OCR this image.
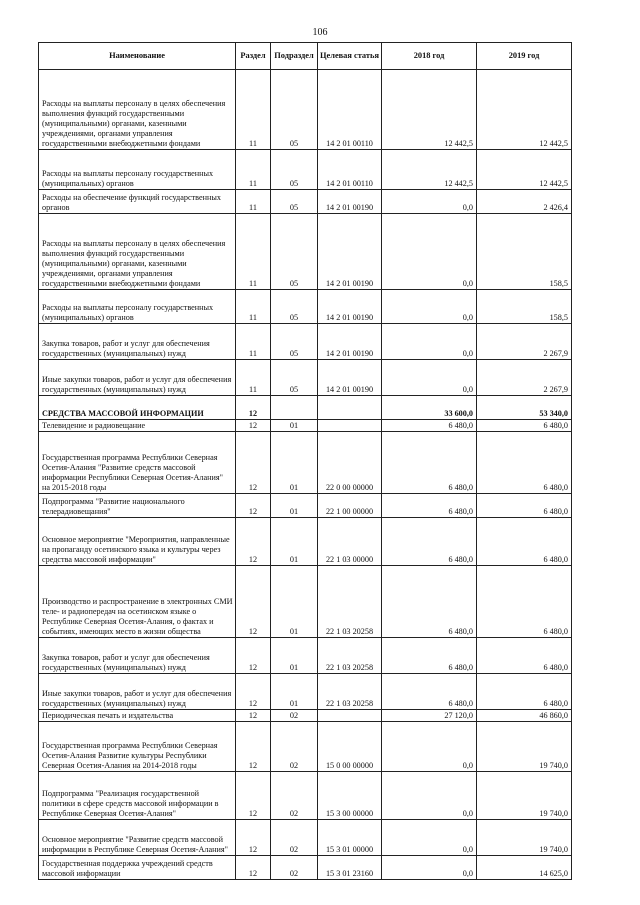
106
Наименование	Раздел	Подраздел	Целевая статья	2018 год	2019 год
Расходы на выплаты персоналу в целях обеспечения выполнения функций государственными (муниципальными) органами, казенными учреждениями, органами управления государственными внебюджетными фондами	11	05	14 2 01 00110	12 442,5	12 442,5
Расходы на выплаты персоналу государственных (муниципальных) органов	11	05	14 2 01 00110	12 442,5	12 442,5
Расходы на обеспечение функций государственных органов	11	05	14 2 01 00190	0,0	2 426,4
Расходы на выплаты персоналу в целях обеспечения выполнения функций государственными (муниципальными) органами, казенными учреждениями, органами управления государственными внебюджетными фондами	11	05	14 2 01 00190	0,0	158,5
Расходы на выплаты персоналу государственных (муниципальных) органов	11	05	14 2 01 00190	0,0	158,5
Закупка товаров, работ и услуг для обеспечения государственных (муниципальных) нужд	11	05	14 2 01 00190	0,0	2 267,9
Иные закупки товаров, работ и услуг для обеспечения государственных (муниципальных) нужд	11	05	14 2 01 00190	0,0	2 267,9
СРЕДСТВА МАССОВОЙ ИНФОРМАЦИИ	12			33 600,0	53 340,0
Телевидение и радиовещание	12	01		6 480,0	6 480,0
Государственная программа Республики Северная Осетия-Алания "Развитие средств массовой информации Республики Северная Осетия-Алания" на 2015-2018 годы	12	01	22 0 00 00000	6 480,0	6 480,0
Подпрограмма "Развитие национального телерадиовещания"	12	01	22 1 00 00000	6 480,0	6 480,0
Основное мероприятие "Мероприятия, направленные на пропаганду осетинского языка и культуры через средства массовой информации"	12	01	22 1 03 00000	6 480,0	6 480,0
Производство и распространение в электронных СМИ теле- и радиопередач на осетинском языке о Республике Северная Осетия-Алания, о фактах и событиях, имеющих место в жизни общества	12	01	22 1 03 20258	6 480,0	6 480,0
Закупка товаров, работ и услуг для обеспечения государственных (муниципальных) нужд	12	01	22 1 03 20258	6 480,0	6 480,0
Иные закупки товаров, работ и услуг для обеспечения государственных (муниципальных) нужд	12	01	22 1 03 20258	6 480,0	6 480,0
Периодическая печать и издательства	12	02		27 120,0	46 860,0
Государственная программа Республики Северная Осетия-Алания Развитие культуры Республики Северная Осетия-Алания на 2014-2018 годы	12	02	15 0 00 00000	0,0	19 740,0
Подпрограмма "Реализация государственной политики в сфере средств массовой информации в Республике Северная Осетия-Алания"	12	02	15 3 00 00000	0,0	19 740,0
Основное мероприятие "Развитие средств массовой информации в Республике Северная Осетия-Алания"	12	02	15 3 01 00000	0,0	19 740,0
Государственная поддержка учреждений средств массовой информации	12	02	15 3 01 23160	0,0	14 625,0
